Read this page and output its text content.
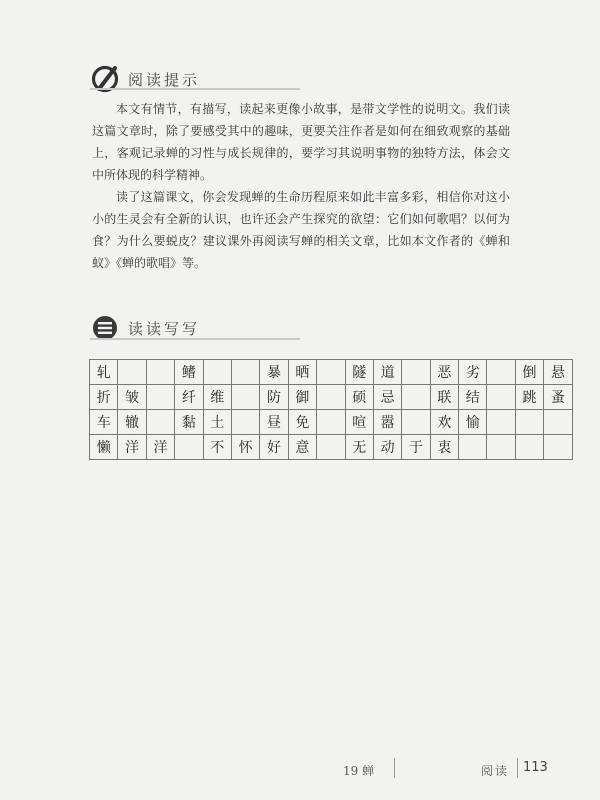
阅读提示

本文有情节，有描写，读起来更像小故事，是带文学性的说明文。我们读这篇文章时，除了要感受其中的趣味，更要关注作者是如何在细致观察的基础上，客观记录蝉的习性与成长规律的，要学习其说明事物的独特方法，体会文中所体现的科学精神。

读了这篇课文，你会发现蝉的生命历程原来如此丰富多彩，相信你对这小小的生灵会有全新的认识，也许还会产生探究的欲望：它们如何歌唱？以何为食？为什么要蜕皮？建议课外再阅读写蝉的相关文章，比如本文作者的《蝉和蚁》《蝉的歌唱》等。

读读写写
轧			鳍			暴	晒		隧	道		恶	劣		倒	悬
折	皱		纤	维		防	御		硕	忌		联	结		跳	蚤
车	辙		黏	土		昼	免		喧	嚣		欢	愉			
懒	洋	洋		不	怀	好	意		无	动	于	衷				
19 蝉	阅读 113
